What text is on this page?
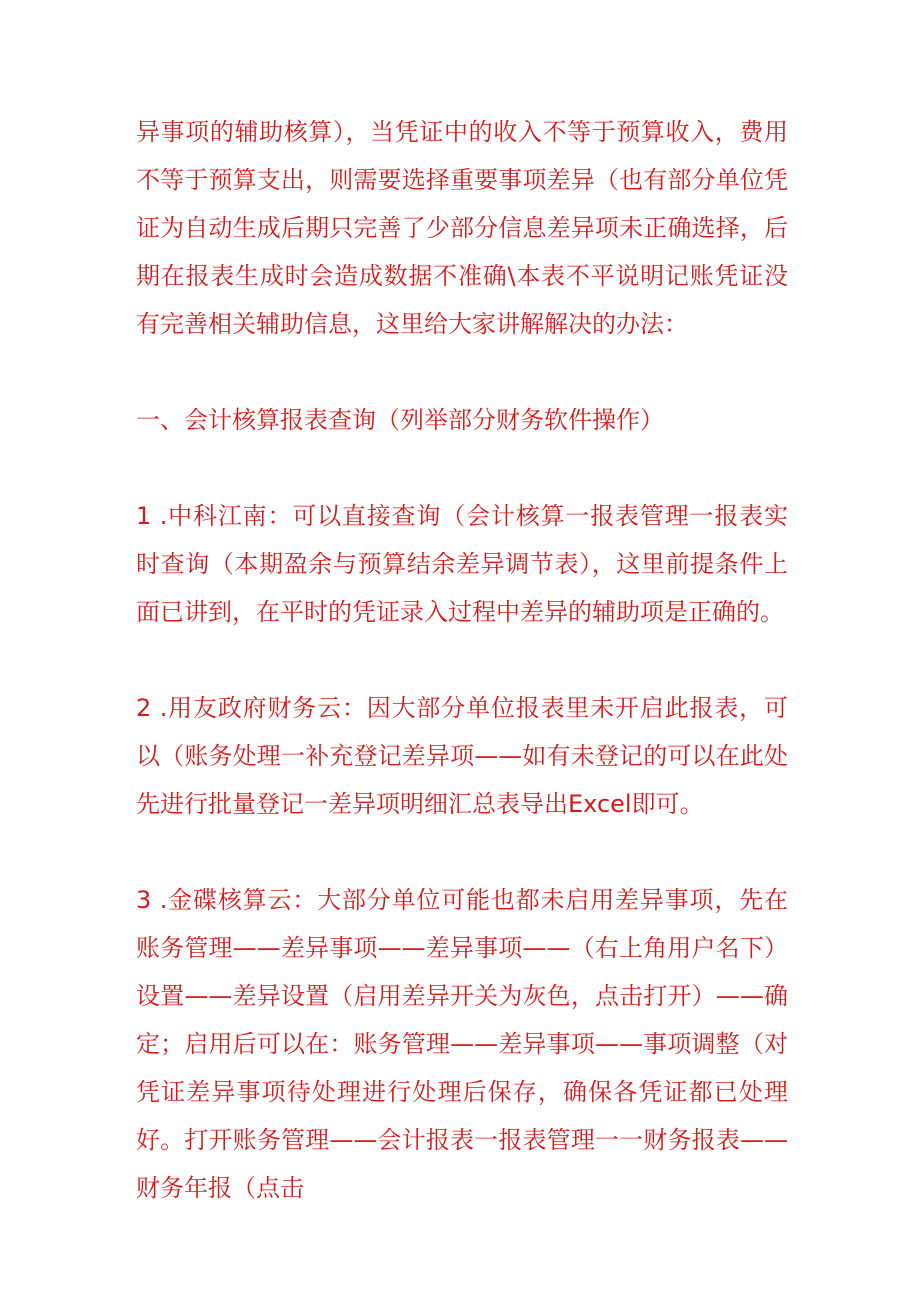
异事项的辅助核算），当凭证中的收入不等于预算收入，费用不等于预算支出，则需要选择重要事项差异（也有部分单位凭证为自动生成后期只完善了少部分信息差异项未正确选择，后期在报表生成时会造成数据不准确\本表不平说明记账凭证没有完善相关辅助信息，这里给大家讲解解决的办法：

一、会计核算报表查询（列举部分财务软件操作）

1 .中科江南：可以直接查询（会计核算一报表管理一报表实时查询（本期盈余与预算结余差异调节表），这里前提条件上面已讲到，在平时的凭证录入过程中差异的辅助项是正确的。

2 .用友政府财务云：因大部分单位报表里未开启此报表，可以（账务处理一补充登记差异项——如有未登记的可以在此处先进行批量登记一差异项明细汇总表导出Excel即可。

3 .金碟核算云：大部分单位可能也都未启用差异事项，先在账务管理——差异事项——差异事项——（右上角用户名下）设置——差异设置（启用差异开关为灰色，点击打开）——确定；启用后可以在：账务管理——差异事项——事项调整（对凭证差异事项待处理进行处理后保存，确保各凭证都已处理好。打开账务管理——会计报表一报表管理一一财务报表——财务年报（点击
